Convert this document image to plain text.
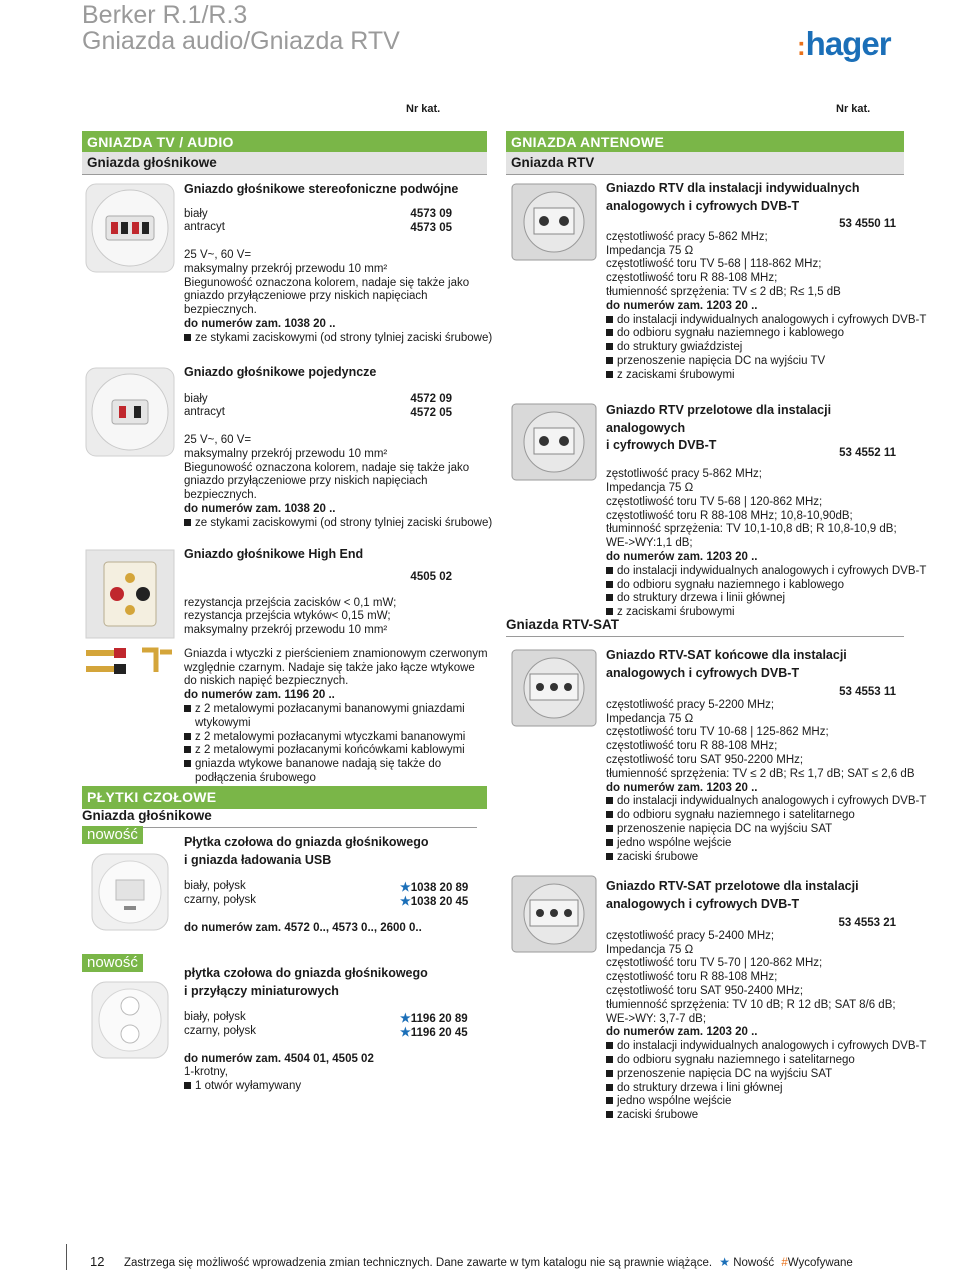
Berker R.1/R.3
Gniazda audio/Gniazda RTV	:hager
Nr kat.
GNIAZDA TV / AUDIO
Gniazda głośnikowe
Gniazdo głośnikowe stereofoniczne podwójne
biały	4573 09
antracyt	4573 05
25 V~, 60 V=
maksymalny przekrój przewodu 10 mm²
Biegunowość oznaczona kolorem, nadaje się także jako
gniazdo przyłączeniowe przy niskich napięciach
bezpiecznych.
do numerów zam. 1038 20 ..
ze stykami zaciskowymi (od strony tylniej zaciski śrubowe)
Gniazdo głośnikowe pojedyncze
biały	4572 09
antracyt	4572 05
25 V~, 60 V=
maksymalny przekrój przewodu 10 mm²
Biegunowość oznaczona kolorem, nadaje się także jako
gniazdo przyłączeniowe przy niskich napięciach
bezpiecznych.
do numerów zam. 1038 20 ..
ze stykami zaciskowymi (od strony tylniej zaciski śrubowe)
Gniazdo głośnikowe High End
4505 02
rezystancja przejścia zacisków < 0,1 mW;
rezystancja przejścia wtyków< 0,15 mW;
maksymalny przekrój przewodu 10 mm²
Gniazda i wtyczki z pierścieniem znamionowym czerwonym
względnie czarnym. Nadaje się także jako łącze wtykowe
do niskich napięć bezpiecznych.
do numerów zam. 1196 20 ..
z 2 metalowymi pozłacanymi bananowymi gniazdami wtykowymi
z 2 metalowymi pozłacanymi wtyczkami bananowymi
z 2 metalowymi pozłacanymi końcówkami kablowymi
gniazda wtykowe bananowe nadają się także do podłączenia śrubowego
PŁYTKI CZOŁOWE
Gniazda głośnikowe
nowość	Płytka czołowa do gniazda głośnikowego
i gniazda ładowania USB
biały, połysk	★1038 20 89
czarny, połysk	★1038 20 45
do numerów zam. 4572 0.., 4573 0.., 2600 0..
nowość
płytka czołowa do gniazda głośnikowego
i przyłączy miniaturowych
biały, połysk	★1196 20 89
czarny, połysk	★1196 20 45
do numerów zam. 4504 01, 4505 02
1-krotny,
1 otwór wyłamywany
Nr kat.
GNIAZDA ANTENOWE
Gniazda RTV
Gniazda RTV-SAT
Gniazdo RTV dla instalacji indywidualnych
analogowych i cyfrowych DVB-T
53 4550 11
częstotliwość pracy 5-862 MHz;
Impedancja 75 Ω
częstotliwość toru TV 5-68 | 118-862 MHz;
częstotliwość toru R 88-108 MHz;
tłumienność sprzężenia: TV ≤ 2 dB; R≤ 1,5 dB
do numerów zam. 1203 20 ..
do instalacji indywidualnych analogowych i cyfrowych DVB-T
do odbioru sygnału naziemnego i kablowego
do struktury gwiaździstej
przenoszenie napięcia DC na wyjściu TV
z zaciskami śrubowymi
Gniazdo RTV przelotowe dla instalacji analogowych
i cyfrowych DVB-T
53 4552 11
zęstotliwość pracy 5-862 MHz;
Impedancja 75 Ω
częstotliwość toru TV 5-68 | 120-862 MHz;
częstotliwość toru R 88-108 MHz; 10,8-10,90dB;
tłuminność sprzężenia: TV 10,1-10,8 dB; R 10,8-10,9 dB;
WE->WY:1,1 dB;
do numerów zam. 1203 20 ..
do instalacji indywidualnych analogowych i cyfrowych DVB-T
do odbioru sygnału naziemnego i kablowego
do struktury drzewa i linii głównej
z zaciskami śrubowymi
Gniazdo RTV-SAT końcowe dla instalacji
analogowych i cyfrowych DVB-T
53 4553 11
częstotliwość pracy 5-2200 MHz;
Impedancja 75 Ω
częstotliwość toru TV 10-68 | 125-862 MHz;
częstotliwość toru R 88-108 MHz;
częstotliwość toru SAT 950-2200 MHz;
tłumienność sprzężenia: TV ≤ 2 dB; R≤ 1,7 dB; SAT ≤ 2,6 dB
do numerów zam. 1203 20 ..
do instalacji indywidualnych analogowych i cyfrowych DVB-T
do odbioru sygnału naziemnego i satelitarnego
przenoszenie napięcia DC na wyjściu SAT
jedno wspólne wejście
zaciski śrubowe
Gniazdo RTV-SAT przelotowe dla instalacji
analogowych i cyfrowych DVB-T
53 4553 21
częstotliwość pracy 5-2400 MHz;
Impedancja 75 Ω
częstotliwość toru TV 5-70 | 120-862 MHz;
częstotliwość toru R 88-108 MHz;
częstotliwość toru SAT 950-2400 MHz;
tłumienność sprzężenia: TV 10 dB; R 12 dB; SAT 8/6 dB;
WE->WY: 3,7-7 dB;
do numerów zam. 1203 20 ..
do instalacji indywidualnych analogowych i cyfrowych DVB-T
do odbioru sygnału naziemnego i satelitarnego
przenoszenie napięcia DC na wyjściu SAT
do struktury drzewa i lini głównej
jedno wspólne wejście
zaciski śrubowe
12 Zastrzega się możliwość wprowadzenia zmian technicznych. Dane zawarte w tym katalogu nie są prawnie wiążące. ★ Nowość #Wycofywane
